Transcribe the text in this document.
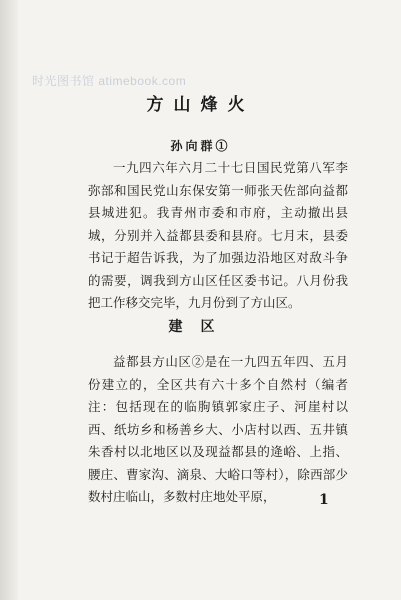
时光图书馆 atimebook.com
方山烽火
孙向群①

一九四六年六月二十七日国民党第八军李弥部和国民党山东保安第一师张天佐部向益都县城进犯。我青州市委和市府，主动撤出县城，分别并入益都县委和县府。七月末，县委书记于超告诉我，为了加强边沿地区对敌斗争的需要，调我到方山区任区委书记。八月份我把工作移交完毕，九月份到了方山区。

建区

益都县方山区②是在一九四五年四、五月份建立的，全区共有六十多个自然村（编者注：包括现在的临朐镇郭家庄子、河崖村以西、纸坊乡和杨善乡大、小店村以西、五井镇朱香村以北地区以及现益都县的逄峪、上指、腰庄、曹家沟、滴泉、大峪口等村），除西部少数村庄临山，多数村庄地处平原，	1
